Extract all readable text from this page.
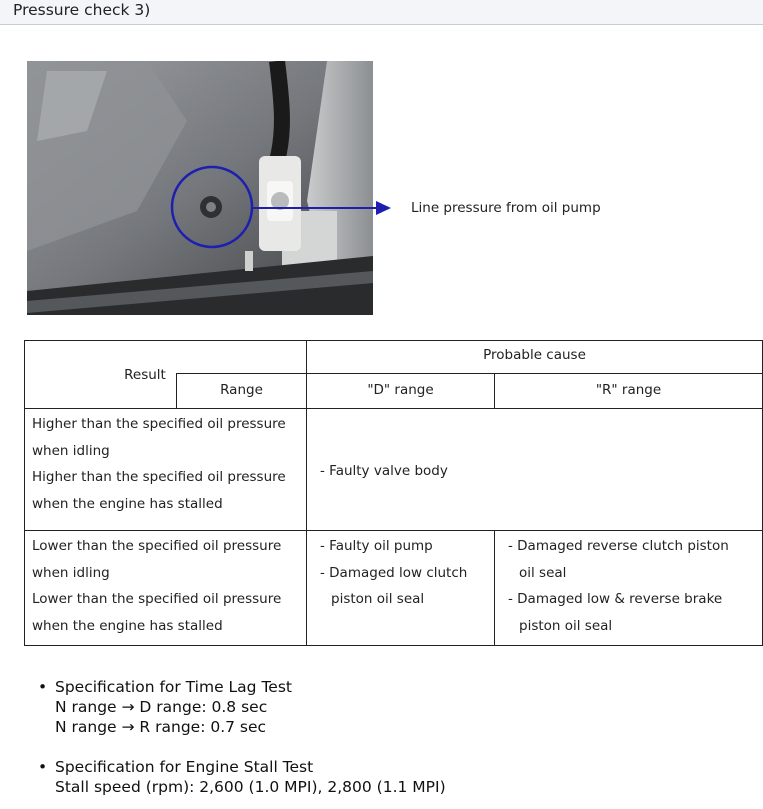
Pressure check 3)
Line pressure from oil pump
Result
Range
Probable cause
"D" range	"R" range
Higher than the specified oil pressure
when idling
Higher than the specified oil pressure
when the engine has stalled
- Faulty valve body
Lower than the specified oil pressure
when idling
Lower than the specified oil pressure
when the engine has stalled
- Faulty oil pump
- Damaged low clutch
piston oil seal
- Damaged reverse clutch piston
oil seal
- Damaged low & reverse brake
piston oil seal
• Specification for Time Lag Test
N range → D range: 0.8 sec
N range → R range: 0.7 sec
• Specification for Engine Stall Test
Stall speed (rpm): 2,600 (1.0 MPI), 2,800 (1.1 MPI)
